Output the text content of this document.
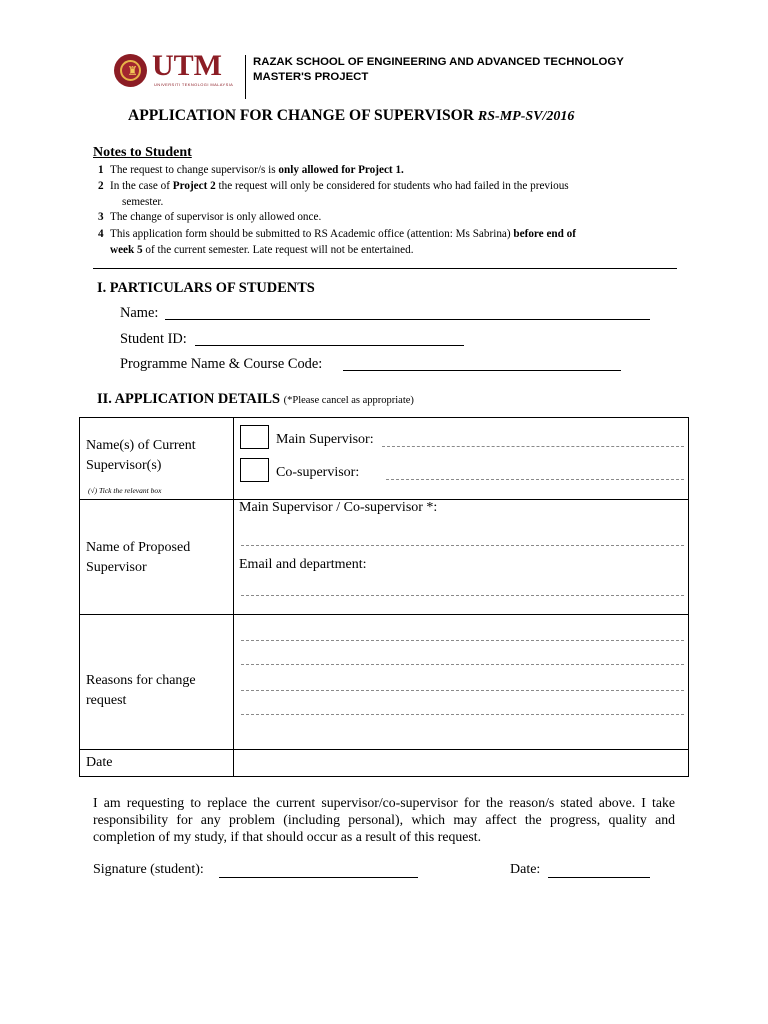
♜ UTM
UNIVERSITI TEKNOLOGI MALAYSIA
RAZAK SCHOOL OF ENGINEERING AND ADVANCED TECHNOLOGY
MASTER'S PROJECT
APPLICATION FOR CHANGE OF SUPERVISOR RS-MP-SV/2016
Notes to Student
1 The request to change supervisor/s is only allowed for Project 1.
2 In the case of Project 2 the request will only be considered for students who had failed in the previous
semester.
3 The change of supervisor is only allowed once.
4 This application form should be submitted to RS Academic office (attention: Ms Sabrina) before end of
week 5 of the current semester. Late request will not be entertained.
I. PARTICULARS OF STUDENTS
Name:
Student ID:
Programme Name & Course Code:
II. APPLICATION DETAILS (*Please cancel as appropriate)
Name(s) of Current Supervisor(s)
(√) Tick the relevant box
Main Supervisor:
Co-supervisor:
Name of Proposed Supervisor
Main Supervisor / Co-supervisor *:
Email and department:
Reasons for change request
Date
I am requesting to replace the current supervisor/co-supervisor for the reason/s stated above. I take responsibility for any problem (including personal), which may affect the progress, quality and completion of my study, if that should occur as a result of this request.
Signature (student):	Date:
